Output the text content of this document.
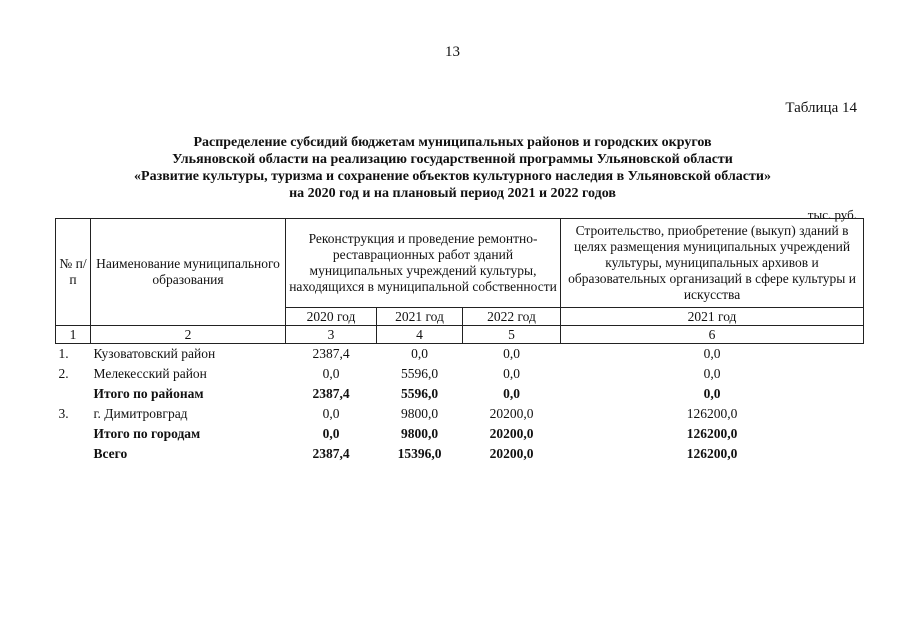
13
Таблица 14
Распределение субсидий бюджетам муниципальных районов и городских округов
Ульяновской области на реализацию государственной программы Ульяновской области
«Развитие культуры, туризма и сохранение объектов культурного наследия в Ульяновской области»
на 2020 год и на плановый период 2021 и 2022 годов
тыс. руб.
№ п/п	Наименование муниципального образования	Реконструкция и проведение ремонтно-реставрационных работ зданий муниципальных учреждений культуры, находящихся в муниципальной собственности			Строительство, приобретение (выкуп) зданий в целях размещения муниципальных учреждений культуры, муниципальных архивов и образовательных организаций в сфере культуры и искусства
		2020 год	2021 год	2022 год	2021 год
1	2	3	4	5	6
1.	Кузоватовский район	2387,4	0,0	0,0	0,0
2.	Мелекесский район	0,0	5596,0	0,0	0,0
	Итого по районам	2387,4	5596,0	0,0	0,0
3.	г. Димитровград	0,0	9800,0	20200,0	126200,0
	Итого по городам	0,0	9800,0	20200,0	126200,0
	Всего	2387,4	15396,0	20200,0	126200,0
